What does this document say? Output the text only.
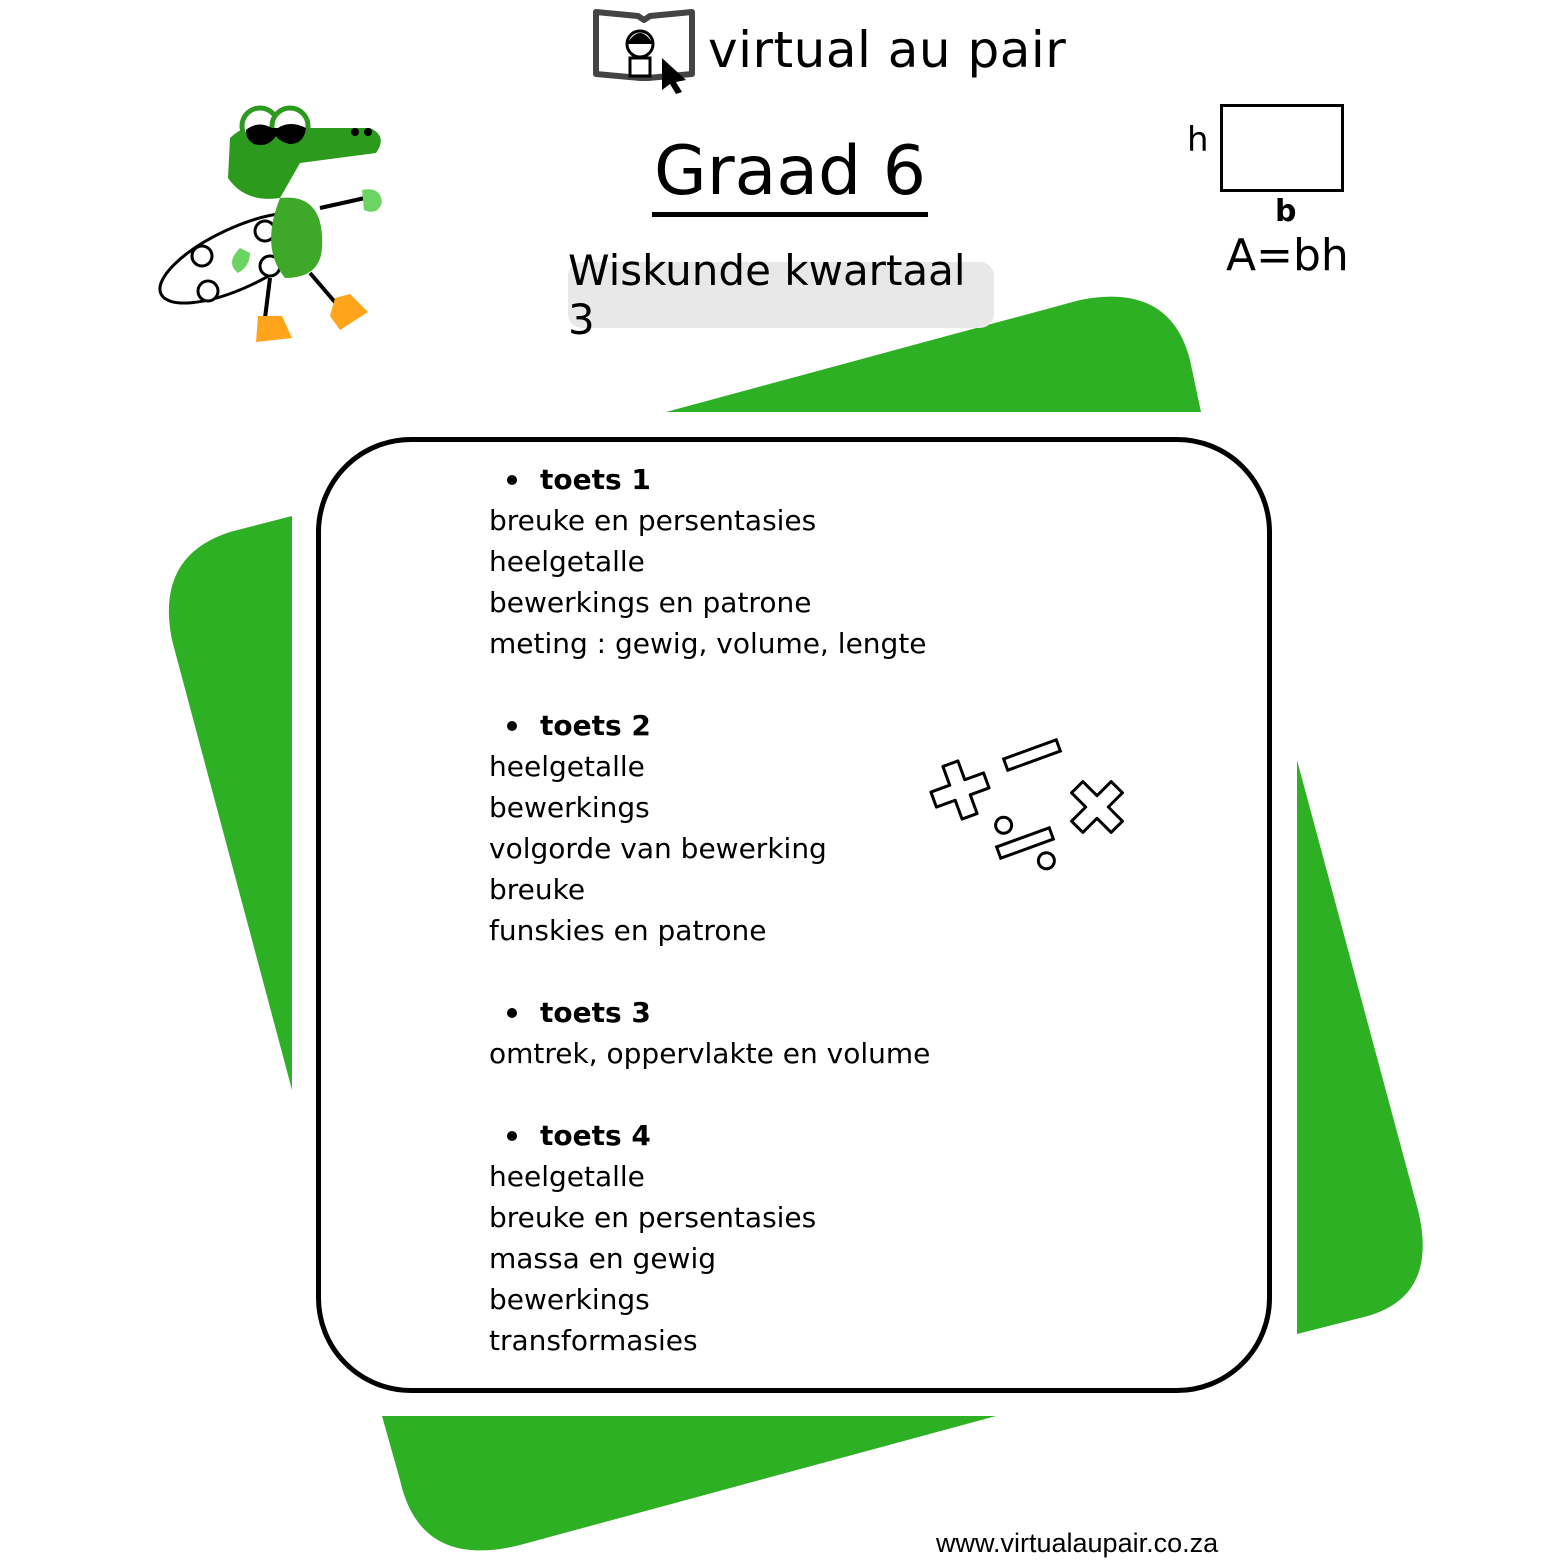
virtual au pair
Graad 6
Wiskunde kwartaal 3
h
b
A=bh
toets 1
breuke en persentasies
heelgetalle
bewerkings en patrone
meting : gewig, volume, lengte
toets 2
heelgetalle
bewerkings
volgorde van bewerking
breuke
funskies en patrone
toets 3
omtrek, oppervlakte en volume
toets 4
heelgetalle
breuke en persentasies
massa en gewig
bewerkings
transformasies
www.virtualaupair.co.za
